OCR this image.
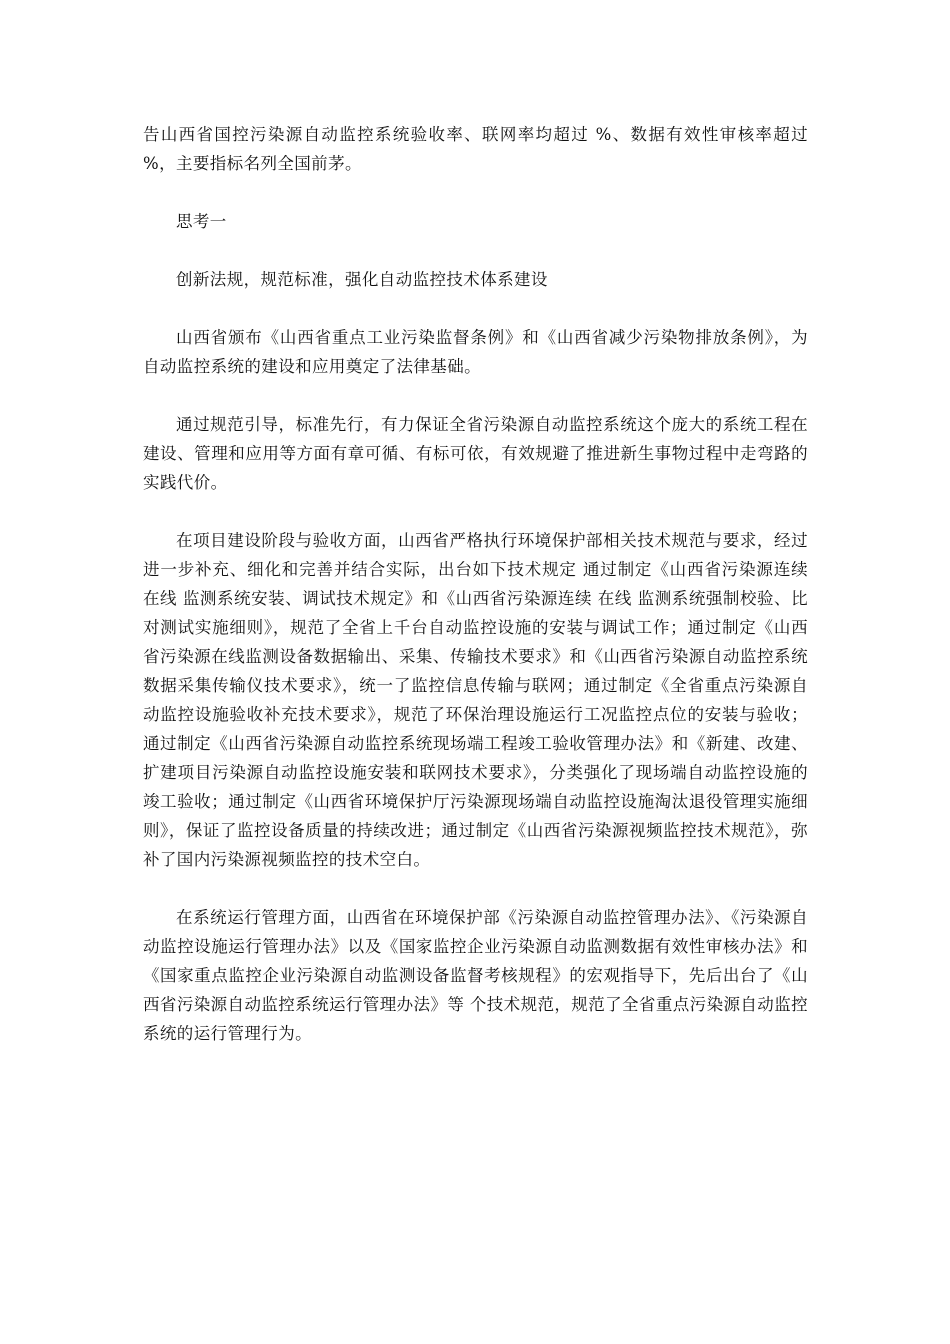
告山西省国控污染源自动监控系统验收率、联网率均超过 %、数据有效性审核率超过 %，主要指标名列全国前茅。

思考一

创新法规，规范标准，强化自动监控技术体系建设

山西省颁布《山西省重点工业污染监督条例》和《山西省减少污染物排放条例》，为自动监控系统的建设和应用奠定了法律基础。

通过规范引导，标准先行，有力保证全省污染源自动监控系统这个庞大的系统工程在建设、管理和应用等方面有章可循、有标可依，有效规避了推进新生事物过程中走弯路的实践代价。

在项目建设阶段与验收方面，山西省严格执行环境保护部相关技术规范与要求，经过进一步补充、细化和完善并结合实际，出台如下技术规定 通过制定《山西省污染源连续 在线 监测系统安装、调试技术规定》和《山西省污染源连续 在线 监测系统强制校验、比对测试实施细则》，规范了全省上千台自动监控设施的安装与调试工作；通过制定《山西省污染源在线监测设备数据输出、采集、传输技术要求》和《山西省污染源自动监控系统数据采集传输仪技术要求》，统一了监控信息传输与联网；通过制定《全省重点污染源自动监控设施验收补充技术要求》，规范了环保治理设施运行工况监控点位的安装与验收；通过制定《山西省污染源自动监控系统现场端工程竣工验收管理办法》和《新建、改建、扩建项目污染源自动监控设施安装和联网技术要求》，分类强化了现场端自动监控设施的竣工验收；通过制定《山西省环境保护厅污染源现场端自动监控设施淘汰退役管理实施细则》，保证了监控设备质量的持续改进；通过制定《山西省污染源视频监控技术规范》，弥补了国内污染源视频监控的技术空白。

在系统运行管理方面，山西省在环境保护部《污染源自动监控管理办法》、《污染源自动监控设施运行管理办法》以及《国家监控企业污染源自动监测数据有效性审核办法》和《国家重点监控企业污染源自动监测设备监督考核规程》的宏观指导下，先后出台了《山西省污染源自动监控系统运行管理办法》等 个技术规范，规范了全省重点污染源自动监控系统的运行管理行为。
